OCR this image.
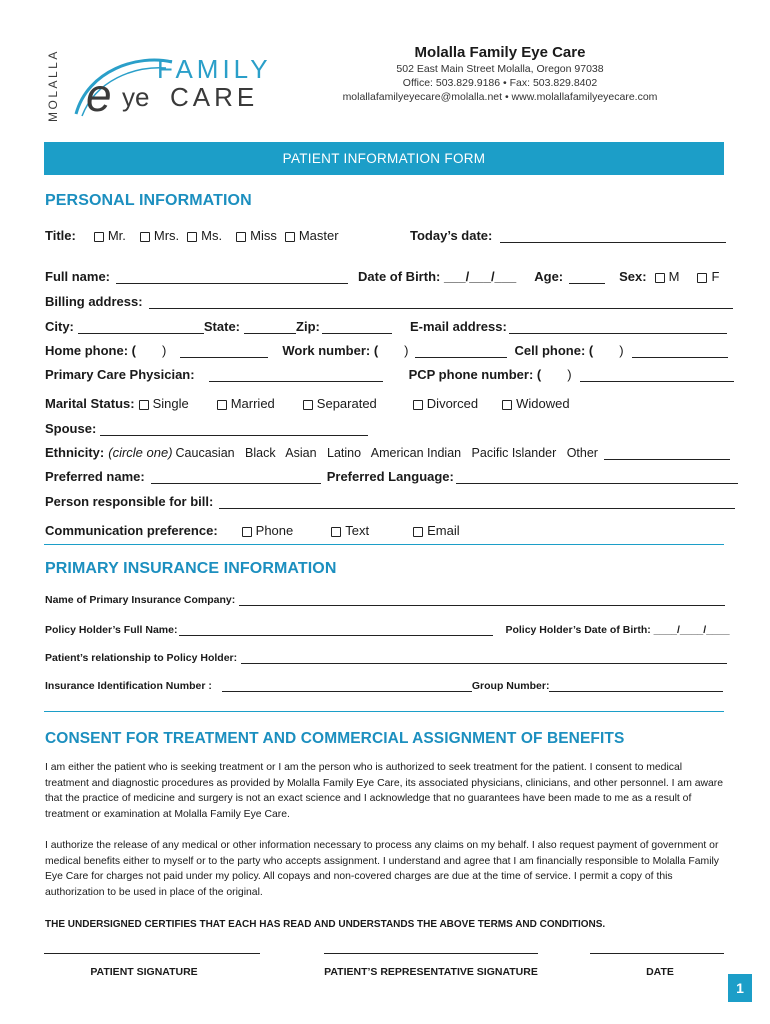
MOLALLA	FAMILY
e ye CARE
Molalla Family Eye Care
502 East Main Street Molalla, Oregon 97038
Office: 503.829.9186 • Fax: 503.829.8402
molallafamilyeyecare@molalla.net • www.molallafamilyeyecare.com
PATIENT INFORMATION FORM
PERSONAL INFORMATION
Title: Mr. Mrs. Ms. Miss Master	Today’s date:
Full name:	Date of Birth: ___/___/___ Age:	Sex: M F
Billing address:
City:	State:	Zip:	E-mail address:
Home phone: ( )	Work number: ( )	Cell phone: ( )
Primary Care Physician:	PCP phone number: ( )
Marital Status: Single	Married	Separated	Divorced	Widowed
Spouse:
Ethnicity: (circle one) Caucasian   Black   Asian   Latino   American Indian   Pacific Islander   Other
Preferred name:	Preferred Language:
Person responsible for bill:
Communication preference:	Phone	Text	Email
PRIMARY INSURANCE INFORMATION
Name of Primary Insurance Company:
Policy Holder’s Full Name:	Policy Holder’s Date of Birth: ____/____/____
Patient’s relationship to Policy Holder:
Insurance Identification Number :	Group Number:
CONSENT FOR TREATMENT AND COMMERCIAL ASSIGNMENT OF BENEFITS
I am either the patient who is seeking treatment or I am the person who is authorized to seek treatment for the patient. I consent to medical treatment and diagnostic procedures as provided by Molalla Family Eye Care, its associated physicians, clinicians, and other personnel. I am aware that the practice of medicine and surgery is not an exact science and I acknowledge that no guarantees have been made to me as a result of treatment or examination at Molalla Family Eye Care.
I authorize the release of any medical or other information necessary to process any claims on my behalf. I also request payment of government or medical benefits either to myself or to the party who accepts assignment. I understand and agree that I am financially responsible to Molalla Family Eye Care for charges not paid under my policy. All copays and non-covered charges are due at the time of service. I permit a copy of this authorization to be used in place of the original.
THE UNDERSIGNED CERTIFIES THAT EACH HAS READ AND UNDERSTANDS THE ABOVE TERMS AND CONDITIONS.
PATIENT SIGNATURE	PATIENT’S REPRESENTATIVE SIGNATURE	DATE
1
